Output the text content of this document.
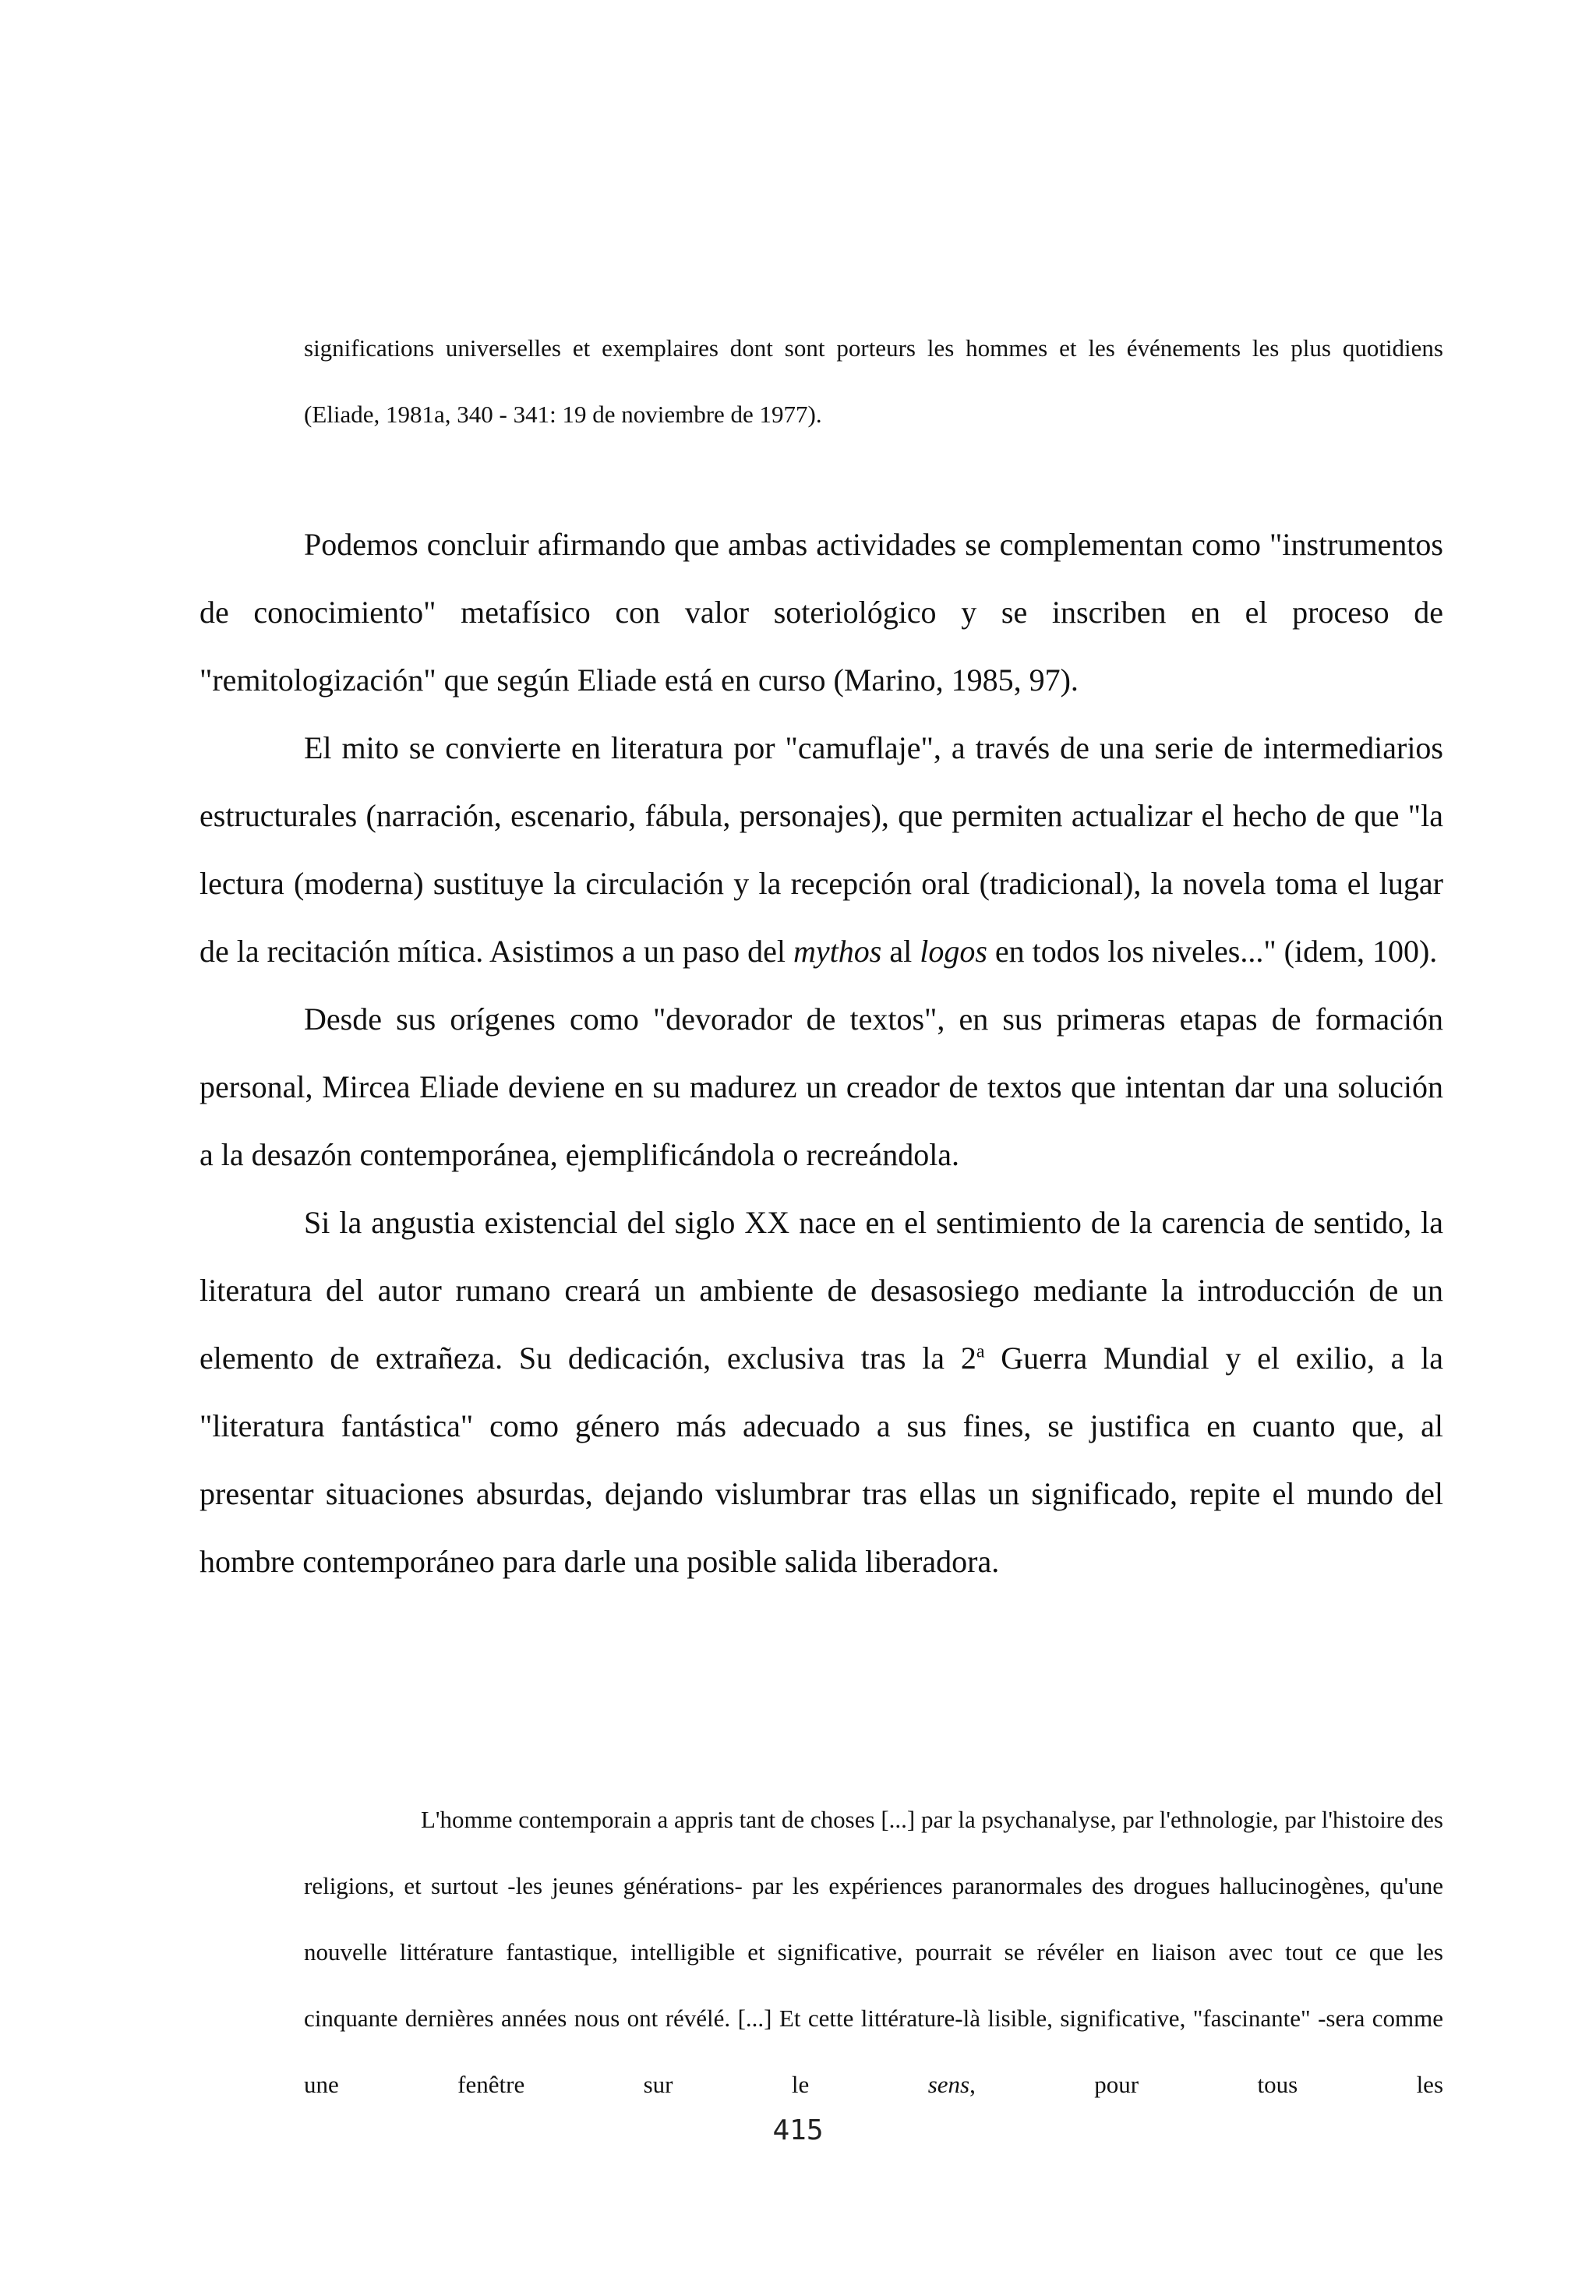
significations universelles et exemplaires dont sont porteurs les hommes et les événements les plus quotidiens (Eliade, 1981a, 340 - 341: 19 de noviembre de 1977).

Podemos concluir afirmando que ambas actividades se complementan como "instrumentos de conocimiento" metafísico con valor soteriológico y se inscriben en el proceso de "remitologización" que según Eliade está en curso (Marino, 1985, 97).

El mito se convierte en literatura por "camuflaje", a través de una serie de intermediarios estructurales (narración, escenario, fábula, personajes), que permiten actualizar el hecho de que "la lectura (moderna) sustituye la circulación y la recepción oral (tradicional), la novela toma el lugar de la recitación mítica. Asistimos a un paso del mythos al logos en todos los niveles..." (idem, 100).

Desde sus orígenes como "devorador de textos", en sus primeras etapas de formación personal, Mircea Eliade deviene en su madurez un creador de textos que intentan dar una solución a la desazón contemporánea, ejemplificándola o recreándola.

Si la angustia existencial del siglo XX nace en el sentimiento de la carencia de sentido, la literatura del autor rumano creará un ambiente de desasosiego mediante la introducción de un elemento de extrañeza. Su dedicación, exclusiva tras la 2$^a$ Guerra Mundial y el exilio, a la "literatura fantástica" como género más adecuado a sus fines, se justifica en cuanto que, al presentar situaciones absurdas, dejando vislumbrar tras ellas un significado, repite el mundo del hombre contemporáneo para darle una posible salida liberadora.

L'homme contemporain a appris tant de choses [...] par la psychanalyse, par l'ethnologie, par l'histoire des religions, et surtout -les jeunes générations- par les expériences paranormales des drogues hallucinogènes, qu'une nouvelle littérature fantastique, intelligible et significative, pourrait se révéler en liaison avec tout ce que les cinquante dernières années nous ont révélé. [...] Et cette littérature-là lisible, significative, "fascinante" -sera comme une fenêtre sur le sens, pour tous les

415
